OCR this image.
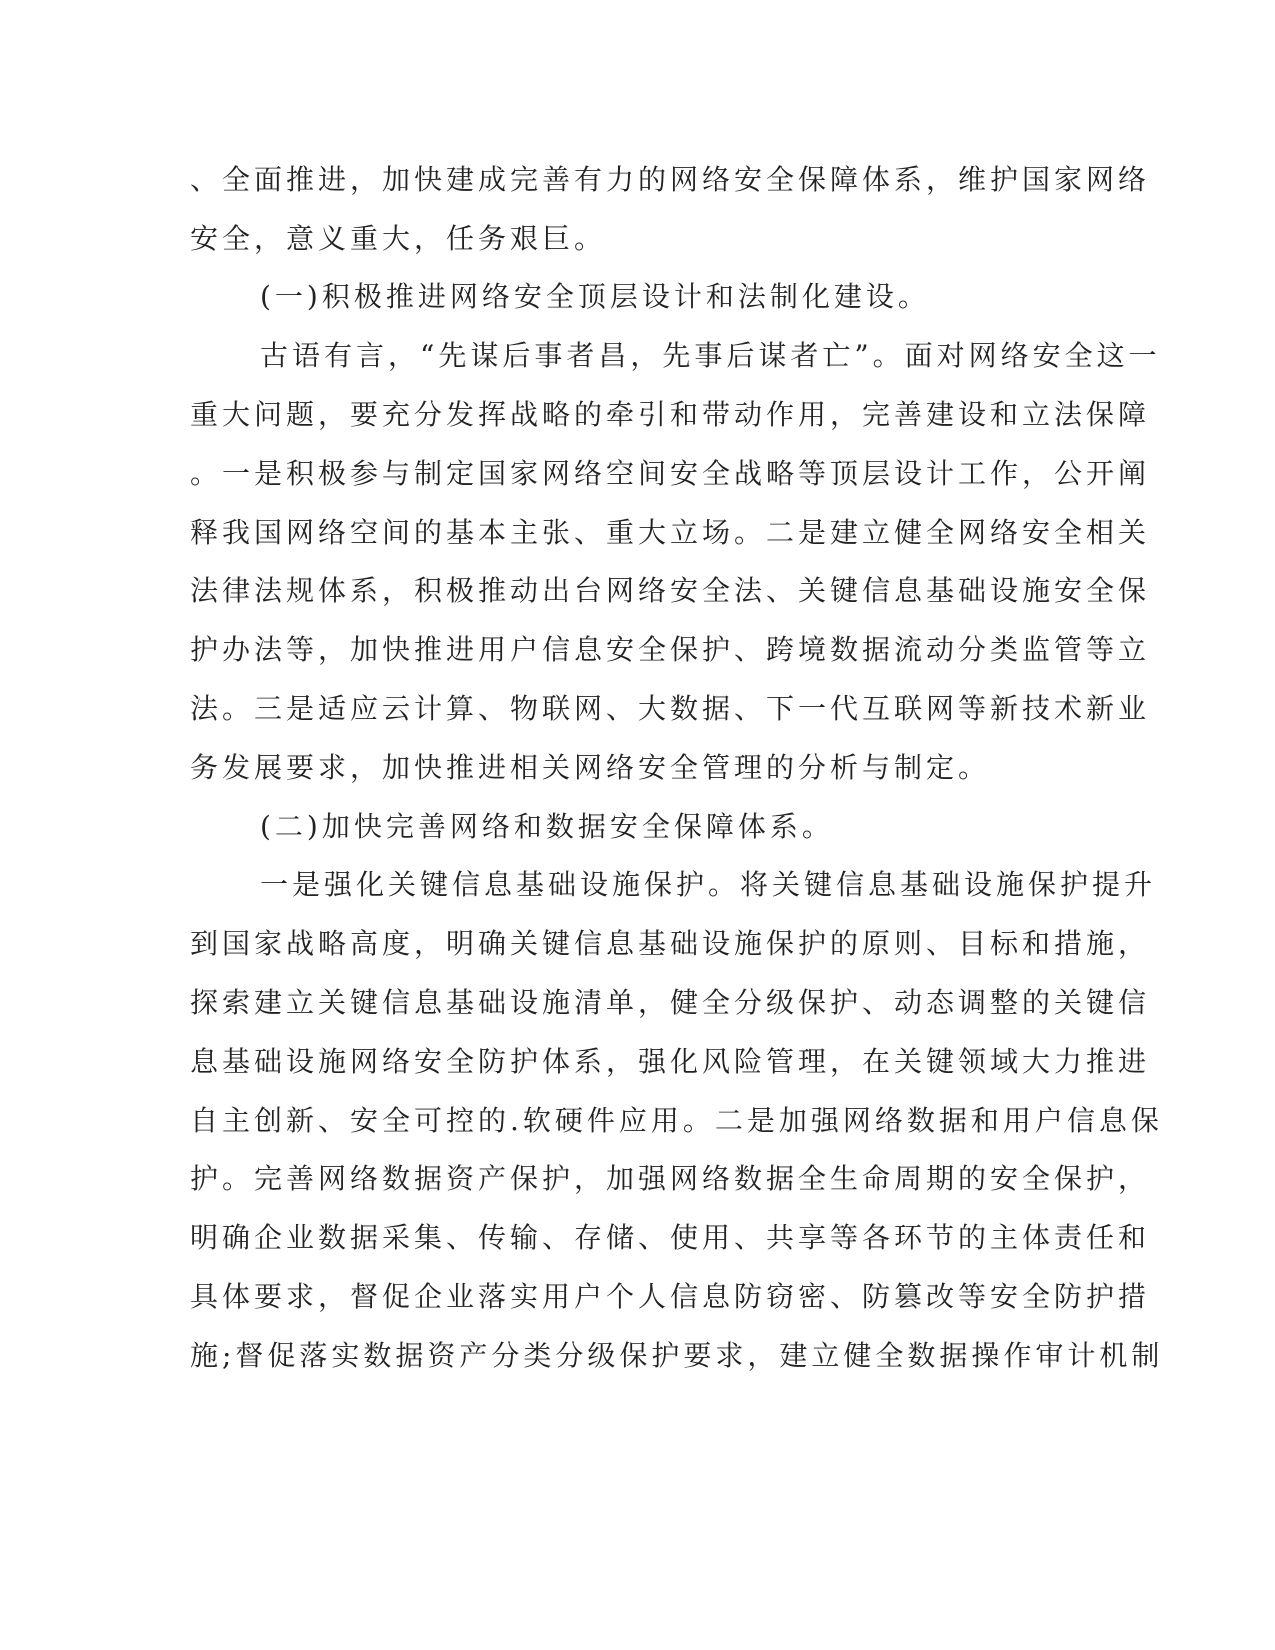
、全面推进，加快建成完善有力的网络安全保障体系，维护国家网络
安全，意义重大，任务艰巨。
(一)积极推进网络安全顶层设计和法制化建设。
古语有言，“先谋后事者昌，先事后谋者亡”。面对网络安全这一
重大问题，要充分发挥战略的牵引和带动作用，完善建设和立法保障
。一是积极参与制定国家网络空间安全战略等顶层设计工作，公开阐
释我国网络空间的基本主张、重大立场。二是建立健全网络安全相关
法律法规体系，积极推动出台网络安全法、关键信息基础设施安全保
护办法等，加快推进用户信息安全保护、跨境数据流动分类监管等立
法。三是适应云计算、物联网、大数据、下一代互联网等新技术新业
务发展要求，加快推进相关网络安全管理的分析与制定。
(二)加快完善网络和数据安全保障体系。
一是强化关键信息基础设施保护。将关键信息基础设施保护提升
到国家战略高度，明确关键信息基础设施保护的原则、目标和措施，
探索建立关键信息基础设施清单，健全分级保护、动态调整的关键信
息基础设施网络安全防护体系，强化风险管理，在关键领域大力推进
自主创新、安全可控的.软硬件应用。二是加强网络数据和用户信息保
护。完善网络数据资产保护，加强网络数据全生命周期的安全保护，
明确企业数据采集、传输、存储、使用、共享等各环节的主体责任和
具体要求，督促企业落实用户个人信息防窃密、防篡改等安全防护措
施;督促落实数据资产分类分级保护要求，建立健全数据操作审计机制
